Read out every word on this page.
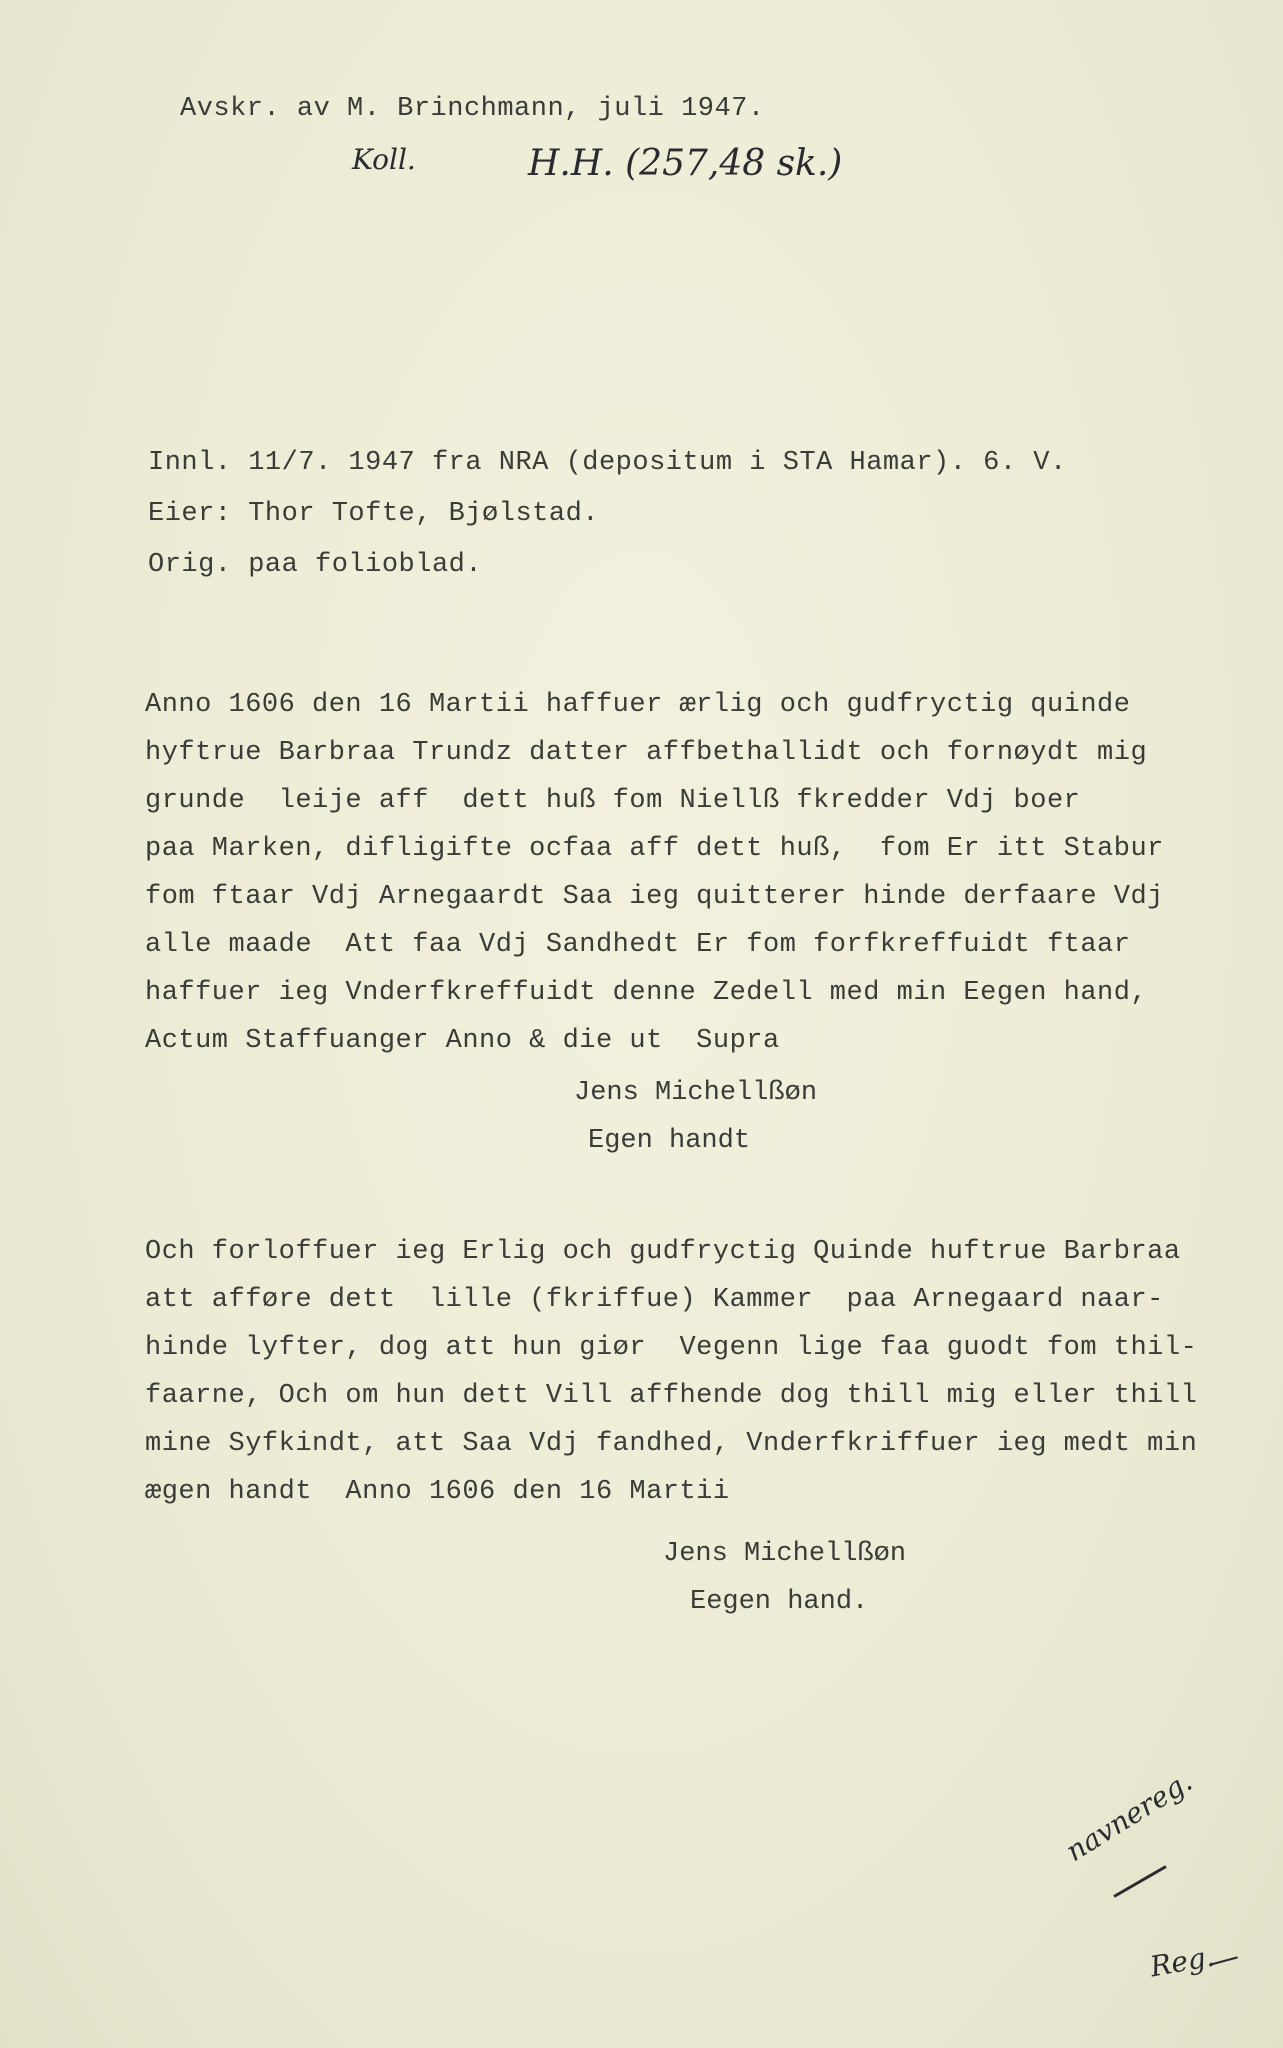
Avskr. av M. Brinchmann, juli 1947.
Koll.	H.H. (257,48 sk.)
Innl. 11/7. 1947 fra NRA (depositum i STA Hamar). 6. V.
Eier: Thor Tofte, Bjølstad.
Orig. paa folioblad.
Anno 1606 den 16 Martii haffuer ærlig och gudfryctig quinde
hyftrue Barbraa Trundz datter affbethallidt och fornøydt mig
grunde  leije aff  dett huß fom Niellß fkredder Vdj boer
paa Marken, difligifte ocfaa aff dett huß,  fom Er itt Stabur
fom ftaar Vdj Arnegaardt Saa ieg quitterer hinde derfaare Vdj
alle maade  Att faa Vdj Sandhedt Er fom forfkreffuidt ftaar
haffuer ieg Vnderfkreffuidt denne Zedell med min Eegen hand,
Actum Staffuanger Anno & die ut  Supra
Jens Michellßøn
Egen handt
Och forloffuer ieg Erlig och gudfryctig Quinde huftrue Barbraa
att afføre dett  lille (fkriffue) Kammer  paa Arnegaard naar-
hinde lyfter, dog att hun giør  Vegenn lige faa guodt fom thil-
faarne, Och om hun dett Vill affhende dog thill mig eller thill
mine Syfkindt, att Saa Vdj fandhed, Vnderfkriffuer ieg medt min
ægen handt  Anno 1606 den 16 Martii
Jens Michellßøn
Eegen hand.
navnereg.
Reg.
